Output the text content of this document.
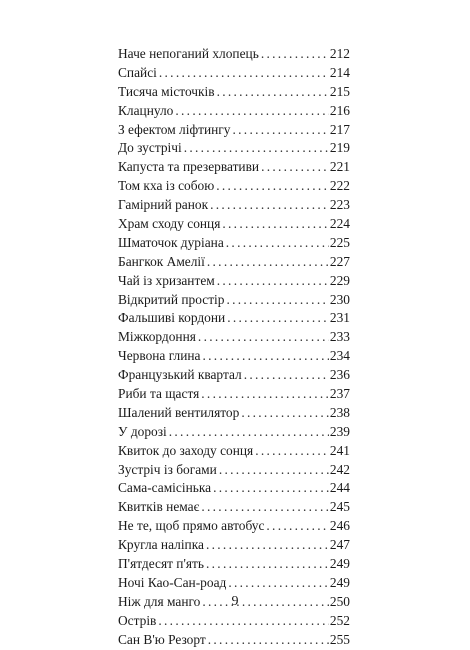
Наче непоганий хлопець .....	212
Спайсі .....	214
Тисяча місточків .....	215
Клацнуло .....	216
З ефектом ліфтингу .....	217
До зустрічі .....	219
Капуста та презервативи .....	221
Том кха із собою .....	222
Гамірний ранок .....	223
Храм сходу сонця .....	224
Шматочок дуріана .....	225
Бангкок Амелії .....	227
Чай із хризантем .....	229
Відкритий простір .....	230
Фальшиві кордони .....	231
Міжкордоння .....	233
Червона глина .....	234
Французький квартал .....	236
Риби та щастя .....	237
Шалений вентилятор .....	238
У дорозі .....	239
Квиток до заходу сонця .....	241
Зустріч із богами .....	242
Сама-самісінька .....	244
Квитків немає .....	245
Не те, щоб прямо автобус .....	246
Кругла наліпка .....	247
П'ятдесят п'ять .....	249
Ночі Као-Сан-роад .....	249
Ніж для манго .....	250
Острів .....	252
Сан В'ю Резорт .....	255
9
